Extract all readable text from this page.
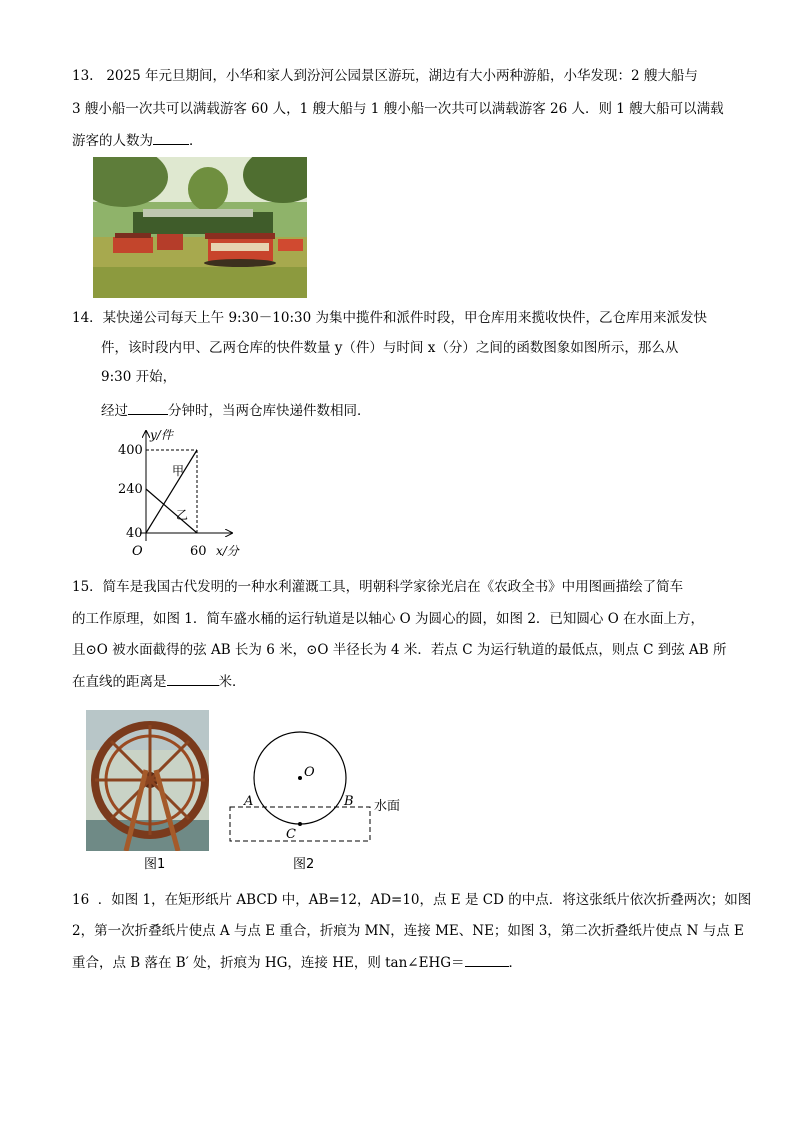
13.   2025 年元旦期间，小华和家人到汾河公园景区游玩，湖边有大小两种游船，小华发现：2 艘大船与
3 艘小船一次共可以满载游客 60 人，1 艘大船与 1 艘小船一次共可以满载游客 26 人．则 1 艘大船可以满载
游客的人数为	．
14．某快递公司每天上午 9:30－10:30 为集中揽件和派件时段，甲仓库用来揽收快件，乙仓库用来派发快
件，该时段内甲、乙两仓库的快件数量 y（件）与时间 x（分）之间的函数图象如图所示，那么从
9:30 开始，
经过	分钟时，当两仓库快递件数相同．
y/件
400
240
40
O	60 x/分
甲
乙
15．简车是我国古代发明的一种水利灌溉工具，明朝科学家徐光启在《农政全书》中用图画描绘了简车
的工作原理，如图 1．简车盛水桶的运行轨道是以轴心 O 为圆心的圆，如图 2．已知圆心 O 在水面上方，
且⊙O 被水面截得的弦 AB 长为 6 米，⊙O 半径长为 4 米．若点 C 为运行轨道的最低点，则点 C 到弦 AB 所
在直线的距离是	米．
图1
O
A	B
C
水面
图2
16  ．如图 1，在矩形纸片 ABCD 中，AB=12，AD=10，点 E 是 CD 的中点．将这张纸片依次折叠两次；如图
2，第一次折叠纸片使点 A 与点 E 重合，折痕为 MN，连接 ME、NE；如图 3，第二次折叠纸片使点 N 与点 E
重合，点 B 落在 B′ 处，折痕为 HG，连接 HE，则 tan∠EHG＝	．
